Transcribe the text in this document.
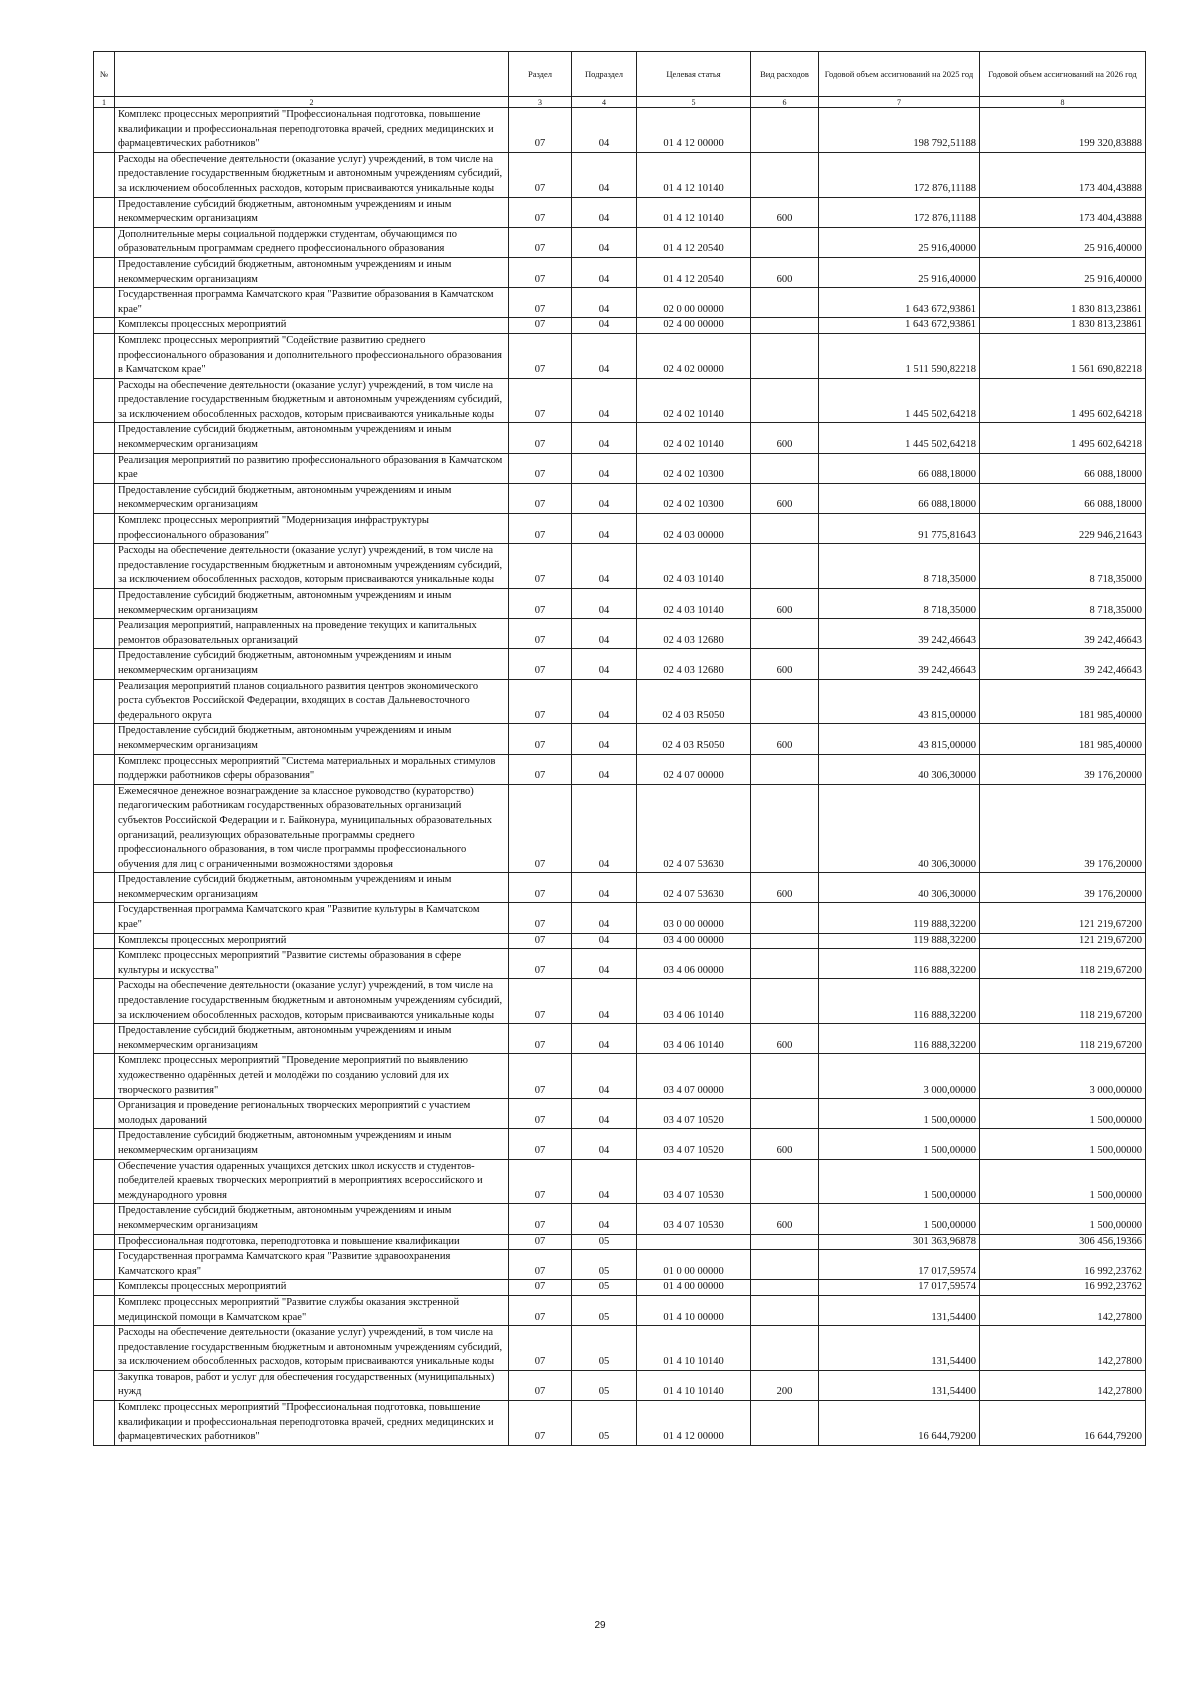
№		Раздел	Подраздел	Целевая статья	Вид расходов	Годовой объем ассигнований на 2025 год	Годовой объем ассигнований на 2026 год
1	2	3	4	5	6	7	8
	Комплекс процессных мероприятий "Профессиональная подготовка, повышение квалификации и профессиональная переподготовка врачей, средних медицинских и фармацевтических работников"	07	04	01 4 12 00000		198 792,51188	199 320,83888
	Расходы на обеспечение деятельности (оказание услуг) учреждений, в том числе на предоставление государственным бюджетным и автономным учреждениям субсидий, за исключением обособленных расходов, которым присваиваются уникальные коды	07	04	01 4 12 10140		172 876,11188	173 404,43888
	Предоставление субсидий бюджетным, автономным учреждениям и иным некоммерческим организациям	07	04	01 4 12 10140	600	172 876,11188	173 404,43888
	Дополнительные меры социальной поддержки студентам, обучающимся по образовательным программам среднего профессионального образования	07	04	01 4 12 20540		25 916,40000	25 916,40000
	Предоставление субсидий бюджетным, автономным учреждениям и иным некоммерческим организациям	07	04	01 4 12 20540	600	25 916,40000	25 916,40000
	Государственная программа Камчатского края "Развитие образования в Камчатском крае"	07	04	02 0 00 00000		1 643 672,93861	1 830 813,23861
	Комплексы процессных мероприятий	07	04	02 4 00 00000		1 643 672,93861	1 830 813,23861
	Комплекс процессных мероприятий "Содействие развитию среднего профессионального образования и дополнительного профессионального образования в Камчатском крае"	07	04	02 4 02 00000		1 511 590,82218	1 561 690,82218
	Расходы на обеспечение деятельности (оказание услуг) учреждений, в том числе на предоставление государственным бюджетным и автономным учреждениям субсидий, за исключением обособленных расходов, которым присваиваются уникальные коды	07	04	02 4 02 10140		1 445 502,64218	1 495 602,64218
	Предоставление субсидий бюджетным, автономным учреждениям и иным некоммерческим организациям	07	04	02 4 02 10140	600	1 445 502,64218	1 495 602,64218
	Реализация мероприятий по развитию профессионального образования в Камчатском крае	07	04	02 4 02 10300		66 088,18000	66 088,18000
	Предоставление субсидий бюджетным, автономным учреждениям и иным некоммерческим организациям	07	04	02 4 02 10300	600	66 088,18000	66 088,18000
	Комплекс процессных мероприятий "Модернизация инфраструктуры профессионального образования"	07	04	02 4 03 00000		91 775,81643	229 946,21643
	Расходы на обеспечение деятельности (оказание услуг) учреждений, в том числе на предоставление государственным бюджетным и автономным учреждениям субсидий, за исключением обособленных расходов, которым присваиваются уникальные коды	07	04	02 4 03 10140		8 718,35000	8 718,35000
	Предоставление субсидий бюджетным, автономным учреждениям и иным некоммерческим организациям	07	04	02 4 03 10140	600	8 718,35000	8 718,35000
	Реализация мероприятий, направленных на проведение текущих и капитальных ремонтов образовательных организаций	07	04	02 4 03 12680		39 242,46643	39 242,46643
	Предоставление субсидий бюджетным, автономным учреждениям и иным некоммерческим организациям	07	04	02 4 03 12680	600	39 242,46643	39 242,46643
	Реализация мероприятий планов социального развития центров экономического роста субъектов Российской Федерации, входящих в состав Дальневосточного федерального округа	07	04	02 4 03 R5050		43 815,00000	181 985,40000
	Предоставление субсидий бюджетным, автономным учреждениям и иным некоммерческим организациям	07	04	02 4 03 R5050	600	43 815,00000	181 985,40000
	Комплекс процессных мероприятий "Система материальных и моральных стимулов поддержки работников сферы образования"	07	04	02 4 07 00000		40 306,30000	39 176,20000
	Ежемесячное денежное вознаграждение за классное руководство (кураторство) педагогическим работникам государственных образовательных организаций субъектов Российской Федерации и г. Байконура, муниципальных образовательных организаций, реализующих образовательные программы среднего профессионального образования, в том числе программы профессионального обучения для лиц с ограниченными возможностями здоровья	07	04	02 4 07 53630		40 306,30000	39 176,20000
	Предоставление субсидий бюджетным, автономным учреждениям и иным некоммерческим организациям	07	04	02 4 07 53630	600	40 306,30000	39 176,20000
	Государственная программа Камчатского края "Развитие культуры в Камчатском крае"	07	04	03 0 00 00000		119 888,32200	121 219,67200
	Комплексы процессных мероприятий	07	04	03 4 00 00000		119 888,32200	121 219,67200
	Комплекс процессных мероприятий "Развитие системы образования в сфере культуры и искусства"	07	04	03 4 06 00000		116 888,32200	118 219,67200
	Расходы на обеспечение деятельности (оказание услуг) учреждений, в том числе на предоставление государственным бюджетным и автономным учреждениям субсидий, за исключением обособленных расходов, которым присваиваются уникальные коды	07	04	03 4 06 10140		116 888,32200	118 219,67200
	Предоставление субсидий бюджетным, автономным учреждениям и иным некоммерческим организациям	07	04	03 4 06 10140	600	116 888,32200	118 219,67200
	Комплекс процессных мероприятий "Проведение мероприятий по выявлению художественно одарённых детей и молодёжи по созданию условий для их творческого развития"	07	04	03 4 07 00000		3 000,00000	3 000,00000
	Организация и проведение региональных творческих мероприятий с участием молодых дарований	07	04	03 4 07 10520		1 500,00000	1 500,00000
	Предоставление субсидий бюджетным, автономным учреждениям и иным некоммерческим организациям	07	04	03 4 07 10520	600	1 500,00000	1 500,00000
	Обеспечение участия одаренных учащихся детских школ искусств и студентов-победителей краевых творческих мероприятий в мероприятиях всероссийского и международного уровня	07	04	03 4 07 10530		1 500,00000	1 500,00000
	Предоставление субсидий бюджетным, автономным учреждениям и иным некоммерческим организациям	07	04	03 4 07 10530	600	1 500,00000	1 500,00000
	Профессиональная подготовка, переподготовка и повышение квалификации	07	05			301 363,96878	306 456,19366
	Государственная программа Камчатского края "Развитие здравоохранения Камчатского края"	07	05	01 0 00 00000		17 017,59574	16 992,23762
	Комплексы процессных мероприятий	07	05	01 4 00 00000		17 017,59574	16 992,23762
	Комплекс процессных мероприятий "Развитие службы оказания экстренной медицинской помощи в Камчатском крае"	07	05	01 4 10 00000		131,54400	142,27800
	Расходы на обеспечение деятельности (оказание услуг) учреждений, в том числе на предоставление государственным бюджетным и автономным учреждениям субсидий, за исключением обособленных расходов, которым присваиваются уникальные коды	07	05	01 4 10 10140		131,54400	142,27800
	Закупка товаров, работ и услуг для обеспечения государственных (муниципальных) нужд	07	05	01 4 10 10140	200	131,54400	142,27800
	Комплекс процессных мероприятий "Профессиональная подготовка, повышение квалификации и профессиональная переподготовка врачей, средних медицинских и фармацевтических работников"	07	05	01 4 12 00000		16 644,79200	16 644,79200
29
